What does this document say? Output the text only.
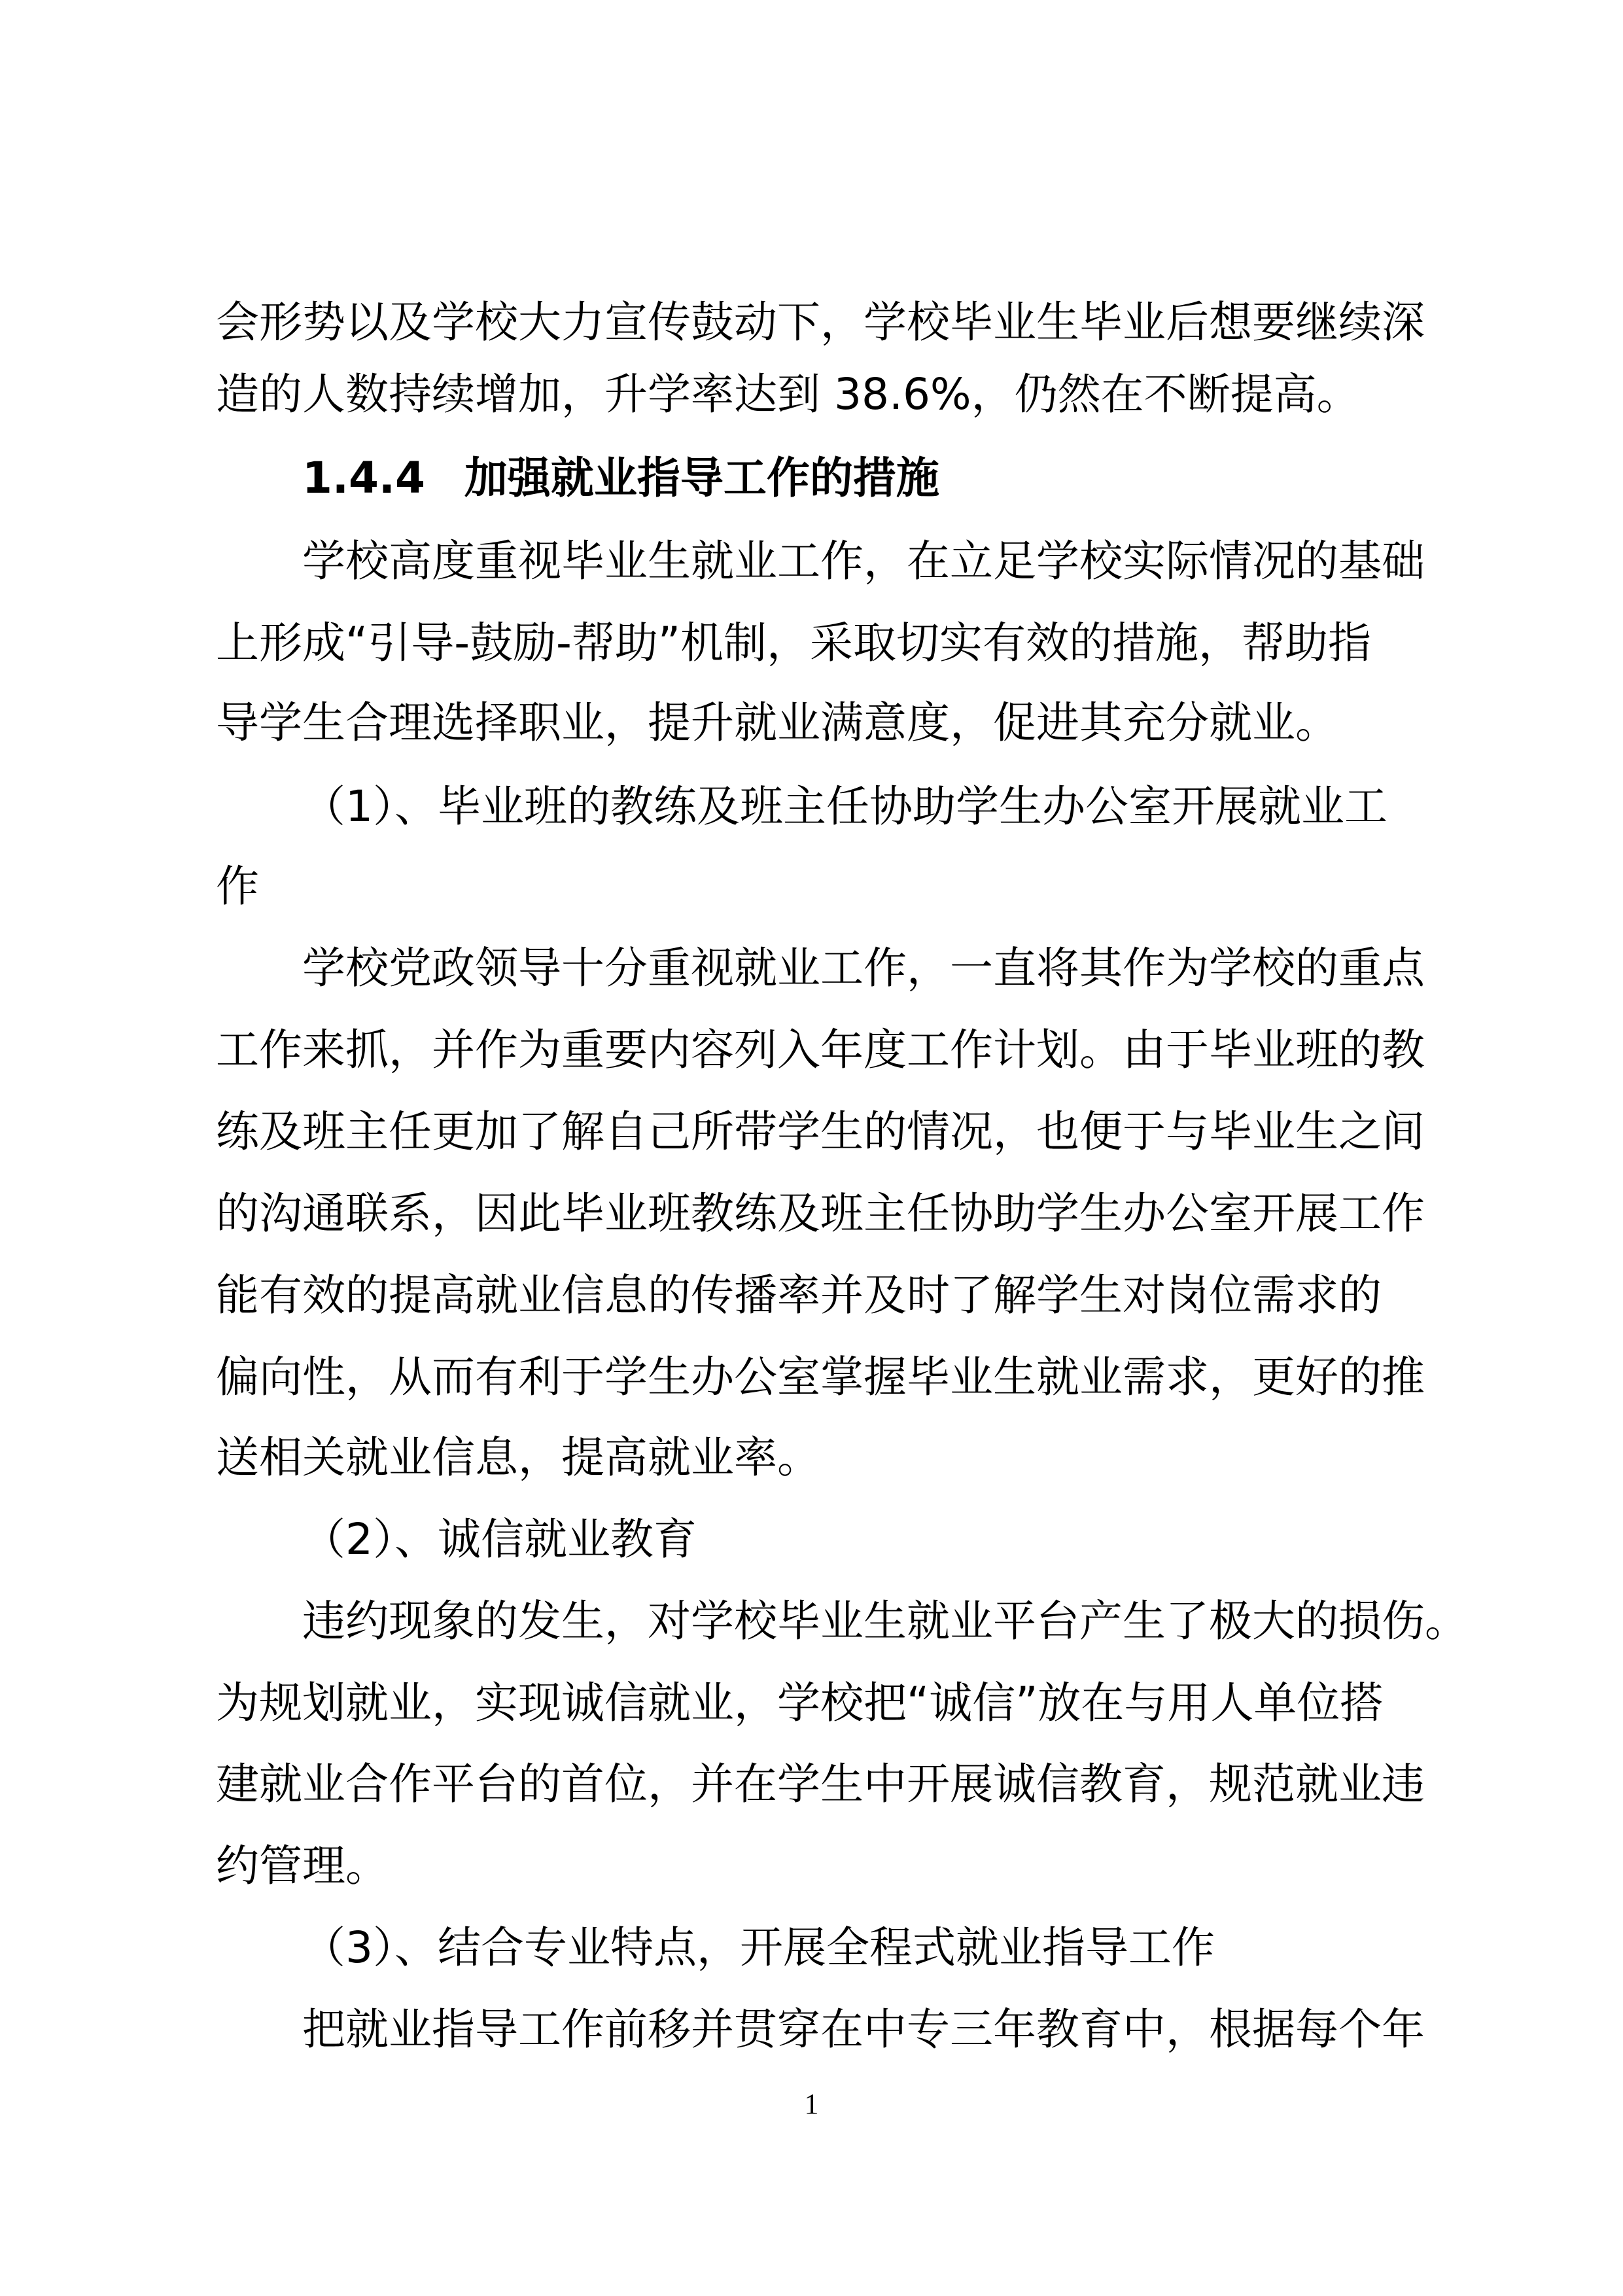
会形势以及学校大力宣传鼓动下，学校毕业生毕业后想要继续深
造的人数持续增加，升学率达到 38.6%，仍然在不断提高。
1.4.4 加强就业指导工作的措施
学校高度重视毕业生就业工作，在立足学校实际情况的基础
上形成“引导-鼓励-帮助”机制，采取切实有效的措施，帮助指
导学生合理选择职业，提升就业满意度，促进其充分就业。
（1）、毕业班的教练及班主任协助学生办公室开展就业工
作
学校党政领导十分重视就业工作，一直将其作为学校的重点
工作来抓，并作为重要内容列入年度工作计划。由于毕业班的教
练及班主任更加了解自己所带学生的情况，也便于与毕业生之间
的沟通联系，因此毕业班教练及班主任协助学生办公室开展工作
能有效的提高就业信息的传播率并及时了解学生对岗位需求的
偏向性，从而有利于学生办公室掌握毕业生就业需求，更好的推
送相关就业信息，提高就业率。
（2）、诚信就业教育
违约现象的发生，对学校毕业生就业平台产生了极大的损伤。
为规划就业，实现诚信就业，学校把“诚信”放在与用人单位搭
建就业合作平台的首位，并在学生中开展诚信教育，规范就业违
约管理。
（3）、结合专业特点，开展全程式就业指导工作
把就业指导工作前移并贯穿在中专三年教育中，根据每个年
1
